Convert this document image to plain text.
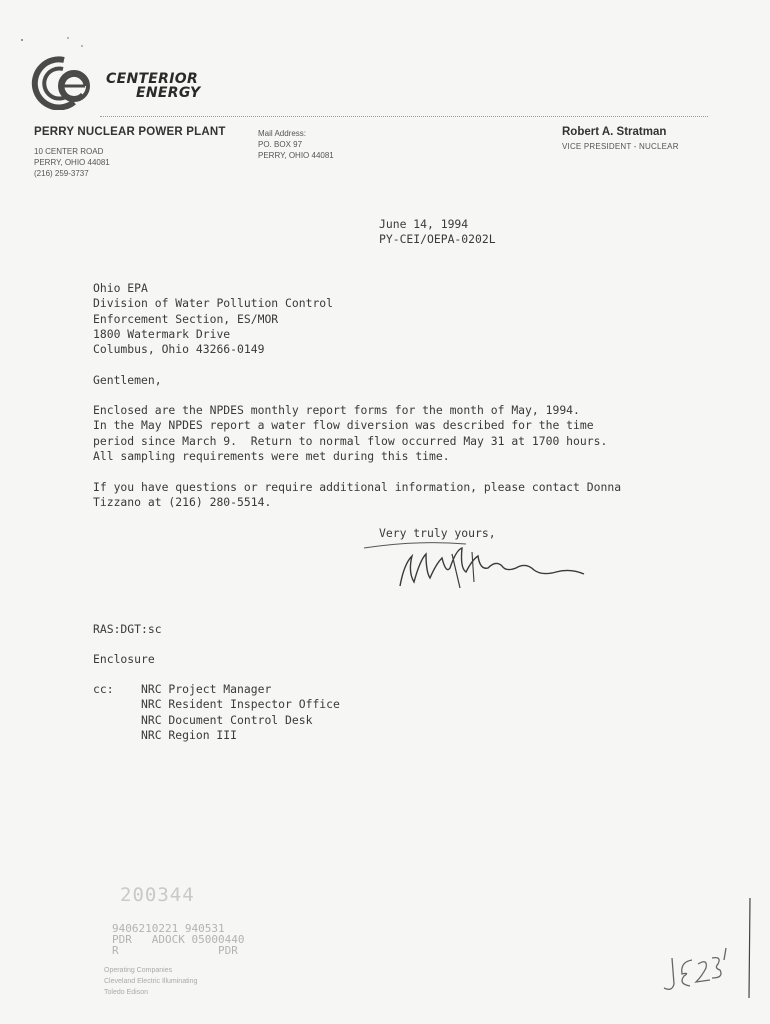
CENTERIOR
ENERGY
PERRY NUCLEAR POWER PLANT
10 CENTER ROAD
PERRY, OHIO 44081
(216) 259-3737
Mail Address:
PO. BOX 97
PERRY, OHIO 44081
Robert A. Stratman
VICE PRESIDENT - NUCLEAR
June 14, 1994
PY-CEI/OEPA-0202L
Ohio EPA
Division of Water Pollution Control
Enforcement Section, ES/MOR
1800 Watermark Drive
Columbus, Ohio 43266-0149
Gentlemen,
Enclosed are the NPDES monthly report forms for the month of May, 1994.
In the May NPDES report a water flow diversion was described for the time
period since March 9.  Return to normal flow occurred May 31 at 1700 hours.
All sampling requirements were met during this time.
If you have questions or require additional information, please contact Donna
Tizzano at (216) 280-5514.
Very truly yours,
RAS:DGT:sc
Enclosure
cc: NRC Project Manager
NRC Resident Inspector Office
NRC Document Control Desk
NRC Region III
200344
9406210221 940531
PDR   ADOCK 05000440
R               PDR
Operating Companies
Cleveland Electric Illuminating
Toledo Edison
